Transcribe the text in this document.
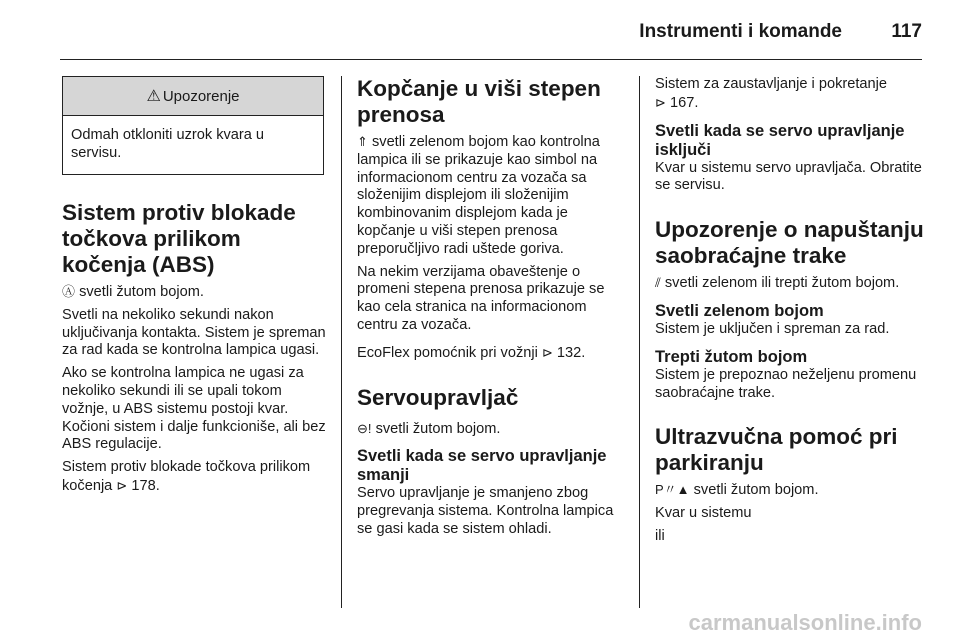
Instrumenti i komande	117
⚠ Upozorenje
Odmah otkloniti uzrok kvara u servisu.
Sistem protiv blokade točkova prilikom kočenja (ABS)

Ⓐ svetli žutom bojom.

Svetli na nekoliko sekundi nakon uključivanja kontakta. Sistem je spreman za rad kada se kontrolna lampica ugasi.

Ako se kontrolna lampica ne ugasi za nekoliko sekundi ili se upali tokom vožnje, u ABS sistemu postoji kvar. Kočioni sistem i dalje funkcioniše, ali bez ABS regulacije.

Sistem protiv blokade točkova prilikom kočenja ⊳ 178.

Kopčanje u viši stepen prenosa

⇑ svetli zelenom bojom kao kontrolna lampica ili se prikazuje kao simbol na informacionom centru za vozača sa složenijim displejom ili složenijim kombinovanim displejom kada je kopčanje u viši stepen prenosa preporučljivo radi uštede goriva.

Na nekim verzijama obaveštenje o promeni stepena prenosa prikazuje se kao cela stranica na informacionom centru za vozača.

EcoFlex pomoćnik pri vožnji ⊳ 132.

Servoupravljač

⊖! svetli žutom bojom.

Svetli kada se servo upravljanje smanji

Servo upravljanje je smanjeno zbog pregrevanja sistema. Kontrolna lampica se gasi kada se sistem ohladi.

Sistem za zaustavljanje i pokretanje
⊳ 167.

Svetli kada se servo upravljanje isključi

Kvar u sistemu servo upravljača. Obratite se servisu.

Upozorenje o napuštanju saobraćajne trake

⫽ svetli zelenom ili trepti žutom bojom.

Svetli zelenom bojom

Sistem je uključen i spreman za rad.

Trepti žutom bojom

Sistem je prepoznao neželjenu promenu saobraćajne trake.

Ultrazvučna pomoć pri parkiranju

P〃▲ svetli žutom bojom.

Kvar u sistemu

ili

carmanualsonline.info
